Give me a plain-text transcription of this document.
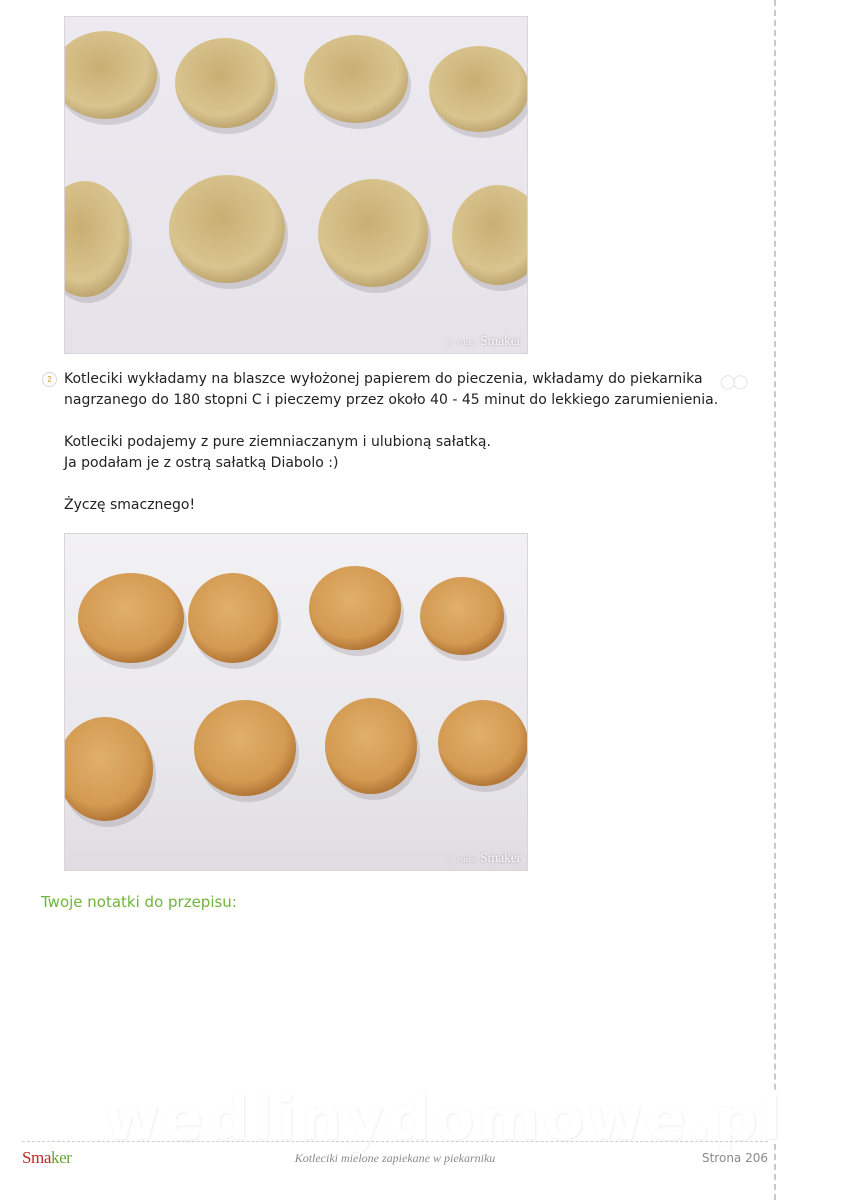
◌ Fuzka Smaker
2	◯◯

Kotleciki wykładamy na blaszce wyłożonej papierem do pieczenia, wkładamy do piekarnika nagrzanego do 180 stopni C i pieczemy przez około 40 - 45 minut do lekkiego zarumienienia.

Kotleciki podajemy z pure ziemniaczanym i ulubioną sałatką.

Ja podałam je z ostrą sałatką Diabolo :)

Życzę smacznego!

◌ Fuzka Smaker
Twoje notatki do przepisu:
wedlinydomowe.pl
Smaker	Kotleciki mielone zapiekane w piekarniku	Strona 206
